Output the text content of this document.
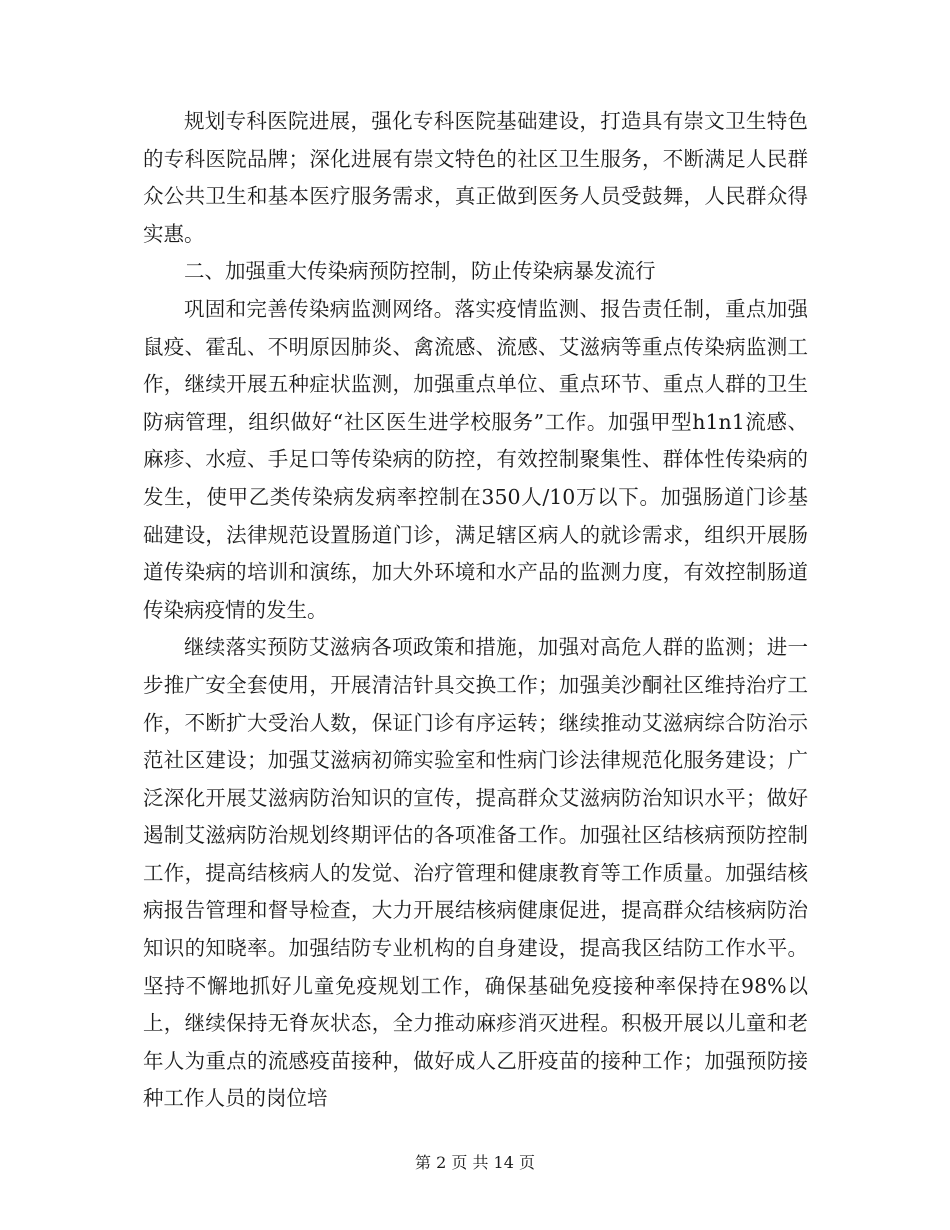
规划专科医院进展，强化专科医院基础建设，打造具有崇文卫生特色的专科医院品牌；深化进展有崇文特色的社区卫生服务，不断满足人民群众公共卫生和基本医疗服务需求，真正做到医务人员受鼓舞，人民群众得实惠。

二、加强重大传染病预防控制，防止传染病暴发流行

巩固和完善传染病监测网络。落实疫情监测、报告责任制，重点加强鼠疫、霍乱、不明原因肺炎、禽流感、流感、艾滋病等重点传染病监测工作，继续开展五种症状监测，加强重点单位、重点环节、重点人群的卫生防病管理，组织做好“社区医生进学校服务”工作。加强甲型h1n1流感、麻疹、水痘、手足口等传染病的防控，有效控制聚集性、群体性传染病的发生，使甲乙类传染病发病率控制在350人/10万以下。加强肠道门诊基础建设，法律规范设置肠道门诊，满足辖区病人的就诊需求，组织开展肠道传染病的培训和演练，加大外环境和水产品的监测力度，有效控制肠道传染病疫情的发生。

继续落实预防艾滋病各项政策和措施，加强对高危人群的监测；进一步推广安全套使用，开展清洁针具交换工作；加强美沙酮社区维持治疗工作，不断扩大受治人数，保证门诊有序运转；继续推动艾滋病综合防治示范社区建设；加强艾滋病初筛实验室和性病门诊法律规范化服务建设；广泛深化开展艾滋病防治知识的宣传，提高群众艾滋病防治知识水平；做好遏制艾滋病防治规划终期评估的各项准备工作。加强社区结核病预防控制工作，提高结核病人的发觉、治疗管理和健康教育等工作质量。加强结核病报告管理和督导检查，大力开展结核病健康促进，提高群众结核病防治知识的知晓率。加强结防专业机构的自身建设，提高我区结防工作水平。坚持不懈地抓好儿童免疫规划工作，确保基础免疫接种率保持在98%以上，继续保持无脊灰状态，全力推动麻疹消灭进程。积极开展以儿童和老年人为重点的流感疫苗接种，做好成人乙肝疫苗的接种工作；加强预防接种工作人员的岗位培

第 2 页 共 14 页
